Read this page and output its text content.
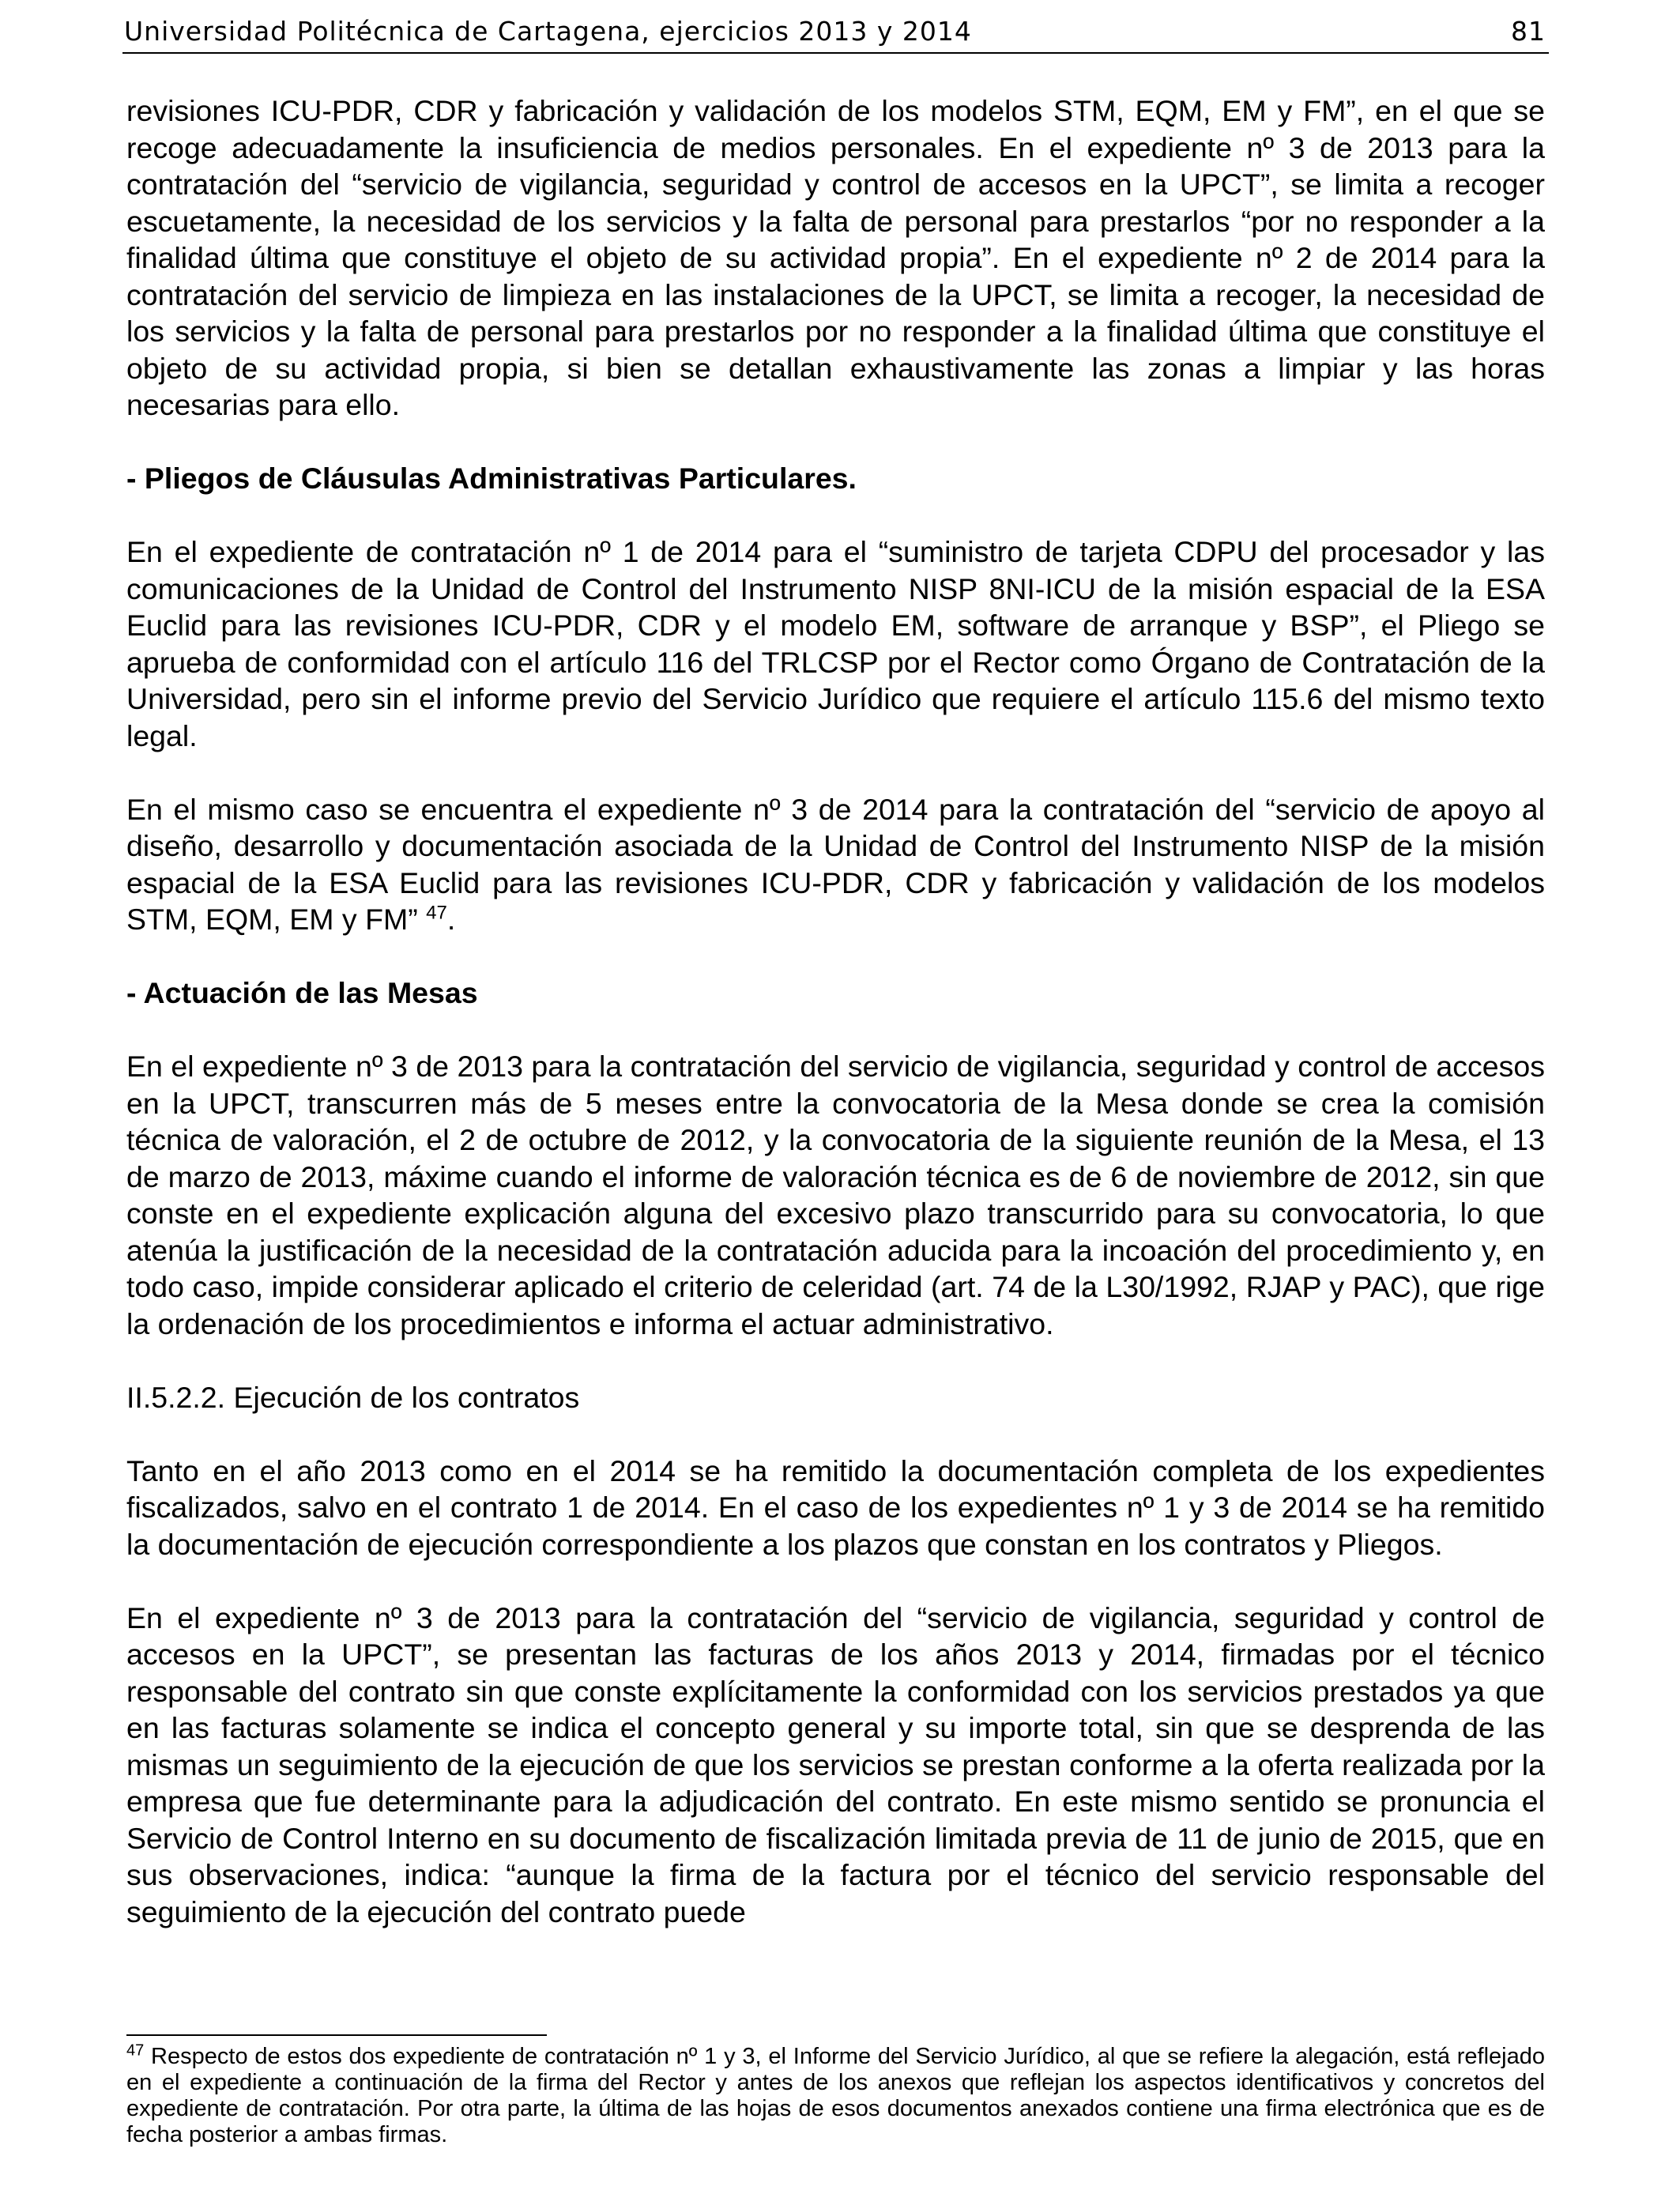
Universidad Politécnica de Cartagena, ejercicios 2013 y 2014	81

revisiones ICU-PDR, CDR y fabricación y validación de los modelos STM, EQM, EM y FM”, en el que se recoge adecuadamente la insuficiencia de medios personales. En el expediente nº 3 de 2013 para la contratación del “servicio de vigilancia, seguridad y control de accesos en la UPCT”, se limita a recoger escuetamente, la necesidad de los servicios y la falta de personal para prestarlos “por no responder a la finalidad última que constituye el objeto de su actividad propia”. En el expediente nº 2 de 2014 para la contratación del servicio de limpieza en las instalaciones de la UPCT, se limita a recoger, la necesidad de los servicios y la falta de personal para prestarlos por no responder a la finalidad última que constituye el objeto de su actividad propia, si bien se detallan exhaustivamente las zonas a limpiar y las horas necesarias para ello.

- Pliegos de Cláusulas Administrativas Particulares.

En el expediente de contratación nº 1 de 2014 para el “suministro de tarjeta CDPU del procesador y las comunicaciones de la Unidad de Control del Instrumento NISP 8NI-ICU de la misión espacial de la ESA Euclid para las revisiones ICU-PDR, CDR y el modelo EM, software de arranque y BSP”, el Pliego se aprueba de conformidad con el artículo 116 del TRLCSP por el Rector como Órgano de Contratación de la Universidad, pero sin el informe previo del Servicio Jurídico que requiere el artículo 115.6 del mismo texto legal.

En el mismo caso se encuentra el expediente nº 3 de 2014 para la contratación del “servicio de apoyo al diseño, desarrollo y documentación asociada de la Unidad de Control del Instrumento NISP de la misión espacial de la ESA Euclid para las revisiones ICU-PDR, CDR y fabricación y validación de los modelos STM, EQM, EM y FM” $^{47}$.

- Actuación de las Mesas

En el expediente nº 3 de 2013 para la contratación del servicio de vigilancia, seguridad y control de accesos en la UPCT, transcurren más de 5 meses entre la convocatoria de la Mesa donde se crea la comisión técnica de valoración, el 2 de octubre de 2012, y la convocatoria de la siguiente reunión de la Mesa, el 13 de marzo de 2013, máxime cuando el informe de valoración técnica es de 6 de noviembre de 2012, sin que conste en el expediente explicación alguna del excesivo plazo transcurrido para su convocatoria, lo que atenúa la justificación de la necesidad de la contratación aducida para la incoación del procedimiento y, en todo caso, impide considerar aplicado el criterio de celeridad (art. 74 de la L30/1992, RJAP y PAC), que rige la ordenación de los procedimientos e informa el actuar administrativo.

II.5.2.2. Ejecución de los contratos

Tanto en el año 2013 como en el 2014 se ha remitido la documentación completa de los expedientes fiscalizados, salvo en el contrato 1 de 2014. En el caso de los expedientes nº 1 y 3 de 2014 se ha remitido la documentación de ejecución correspondiente a los plazos que constan en los contratos y Pliegos.

En el expediente nº 3 de 2013 para la contratación del “servicio de vigilancia, seguridad y control de accesos en la UPCT”, se presentan las facturas de los años 2013 y 2014, firmadas por el técnico responsable del contrato sin que conste explícitamente la conformidad con los servicios prestados ya que en las facturas solamente se indica el concepto general y su importe total, sin que se desprenda de las mismas un seguimiento de la ejecución de que los servicios se prestan conforme a la oferta realizada por la empresa que fue determinante para la adjudicación del contrato. En este mismo sentido se pronuncia el Servicio de Control Interno en su documento de fiscalización limitada previa de 11 de junio de 2015, que en sus observaciones, indica: “aunque la firma de la factura por el técnico del servicio responsable del seguimiento de la ejecución del contrato puede

$^{47}$ Respecto de estos dos expediente de contratación nº 1 y 3, el Informe del Servicio Jurídico, al que se refiere la alegación, está reflejado en el expediente a continuación de la firma del Rector y antes de los anexos que reflejan los aspectos identificativos y concretos del expediente de contratación. Por otra parte, la última de las hojas de esos documentos anexados contiene una firma electrónica que es de fecha posterior a ambas firmas.
